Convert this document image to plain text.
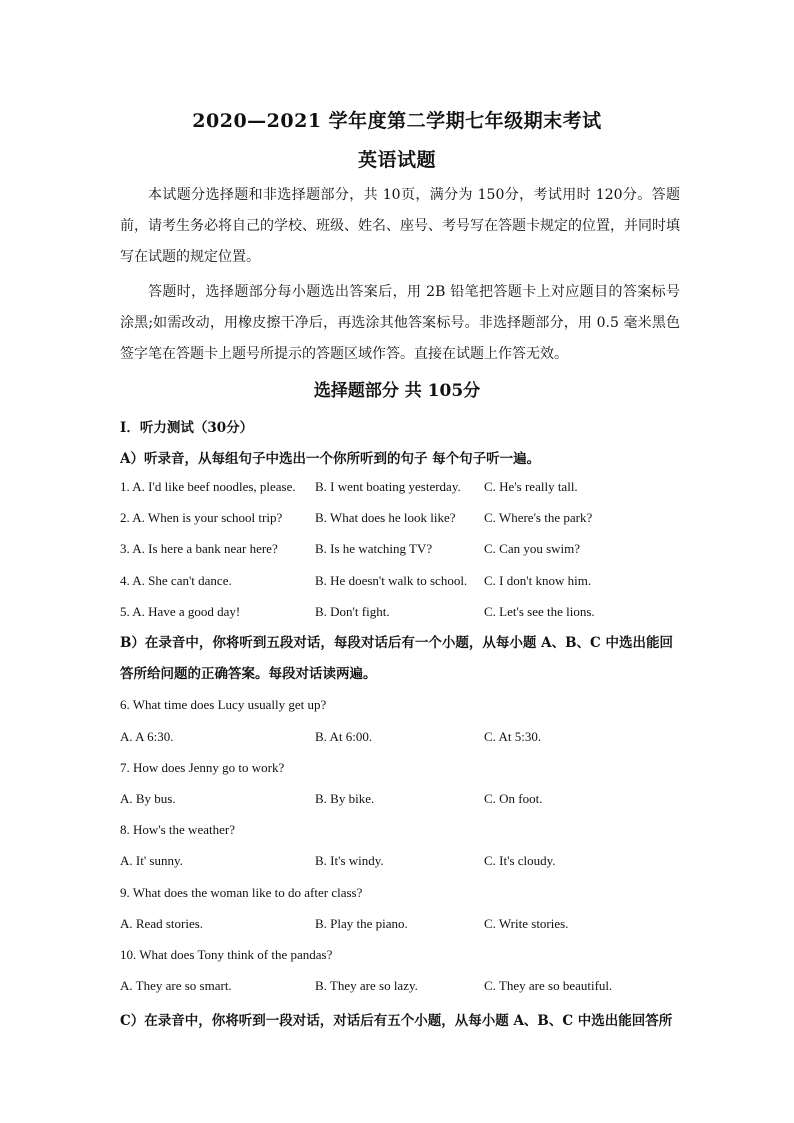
2020—2021 学年度第二学期七年级期末考试
英语试题
本试题分选择题和非选择题部分，共 10页，满分为 150分，考试用时 120分。答题前，请考生务必将自己的学校、班级、姓名、座号、考号写在答题卡规定的位置，并同时填写在试题的规定位置。
答题时，选择题部分每小题选出答案后，用 2B 铅笔把答题卡上对应题目的答案标号涂黑;如需改动，用橡皮擦干净后，再选涂其他答案标号。非选择题部分，用 0.5 毫米黑色签字笔在答题卡上题号所提示的答题区域作答。直接在试题上作答无效。
选择题部分 共 105分
I．听力测试（30分）
A）听录音，从每组句子中选出一个你所听到的句子 每个句子听一遍。
1. A. I'd like beef noodles, please. B. I went boating yesterday. C. He's really tall.
2. A. When is your school trip?	B. What does he look like? C. Where's the park?
3. A. Is here a bank near here?	B. Is he watching TV?	C. Can you swim?
4. A. She can't dance.	B. He doesn't walk to school. C. I don't know him.
5. A. Have a good day!	B. Don't fight.	C. Let's see the lions.
B）在录音中，你将听到五段对话，每段对话后有一个小题，从每小题 A、B、C 中选出能回答所给问题的正确答案。每段对话读两遍。
6. What time does Lucy usually get up?
A. A 6:30.	B. At 6:00.	C. At 5:30.
7. How does Jenny go to work?
A. By bus.	B. By bike.	C. On foot.
8. How's the weather?
A. It' sunny.	B. It's windy.	C. It's cloudy.
9. What does the woman like to do after class?
A. Read stories.	B. Play the piano.	C. Write stories.
10. What does Tony think of the pandas?
A. They are so smart.	B. They are so lazy.	C. They are so beautiful.
C）在录音中，你将听到一段对话，对话后有五个小题，从每小题 A、B、C 中选出能回答所
